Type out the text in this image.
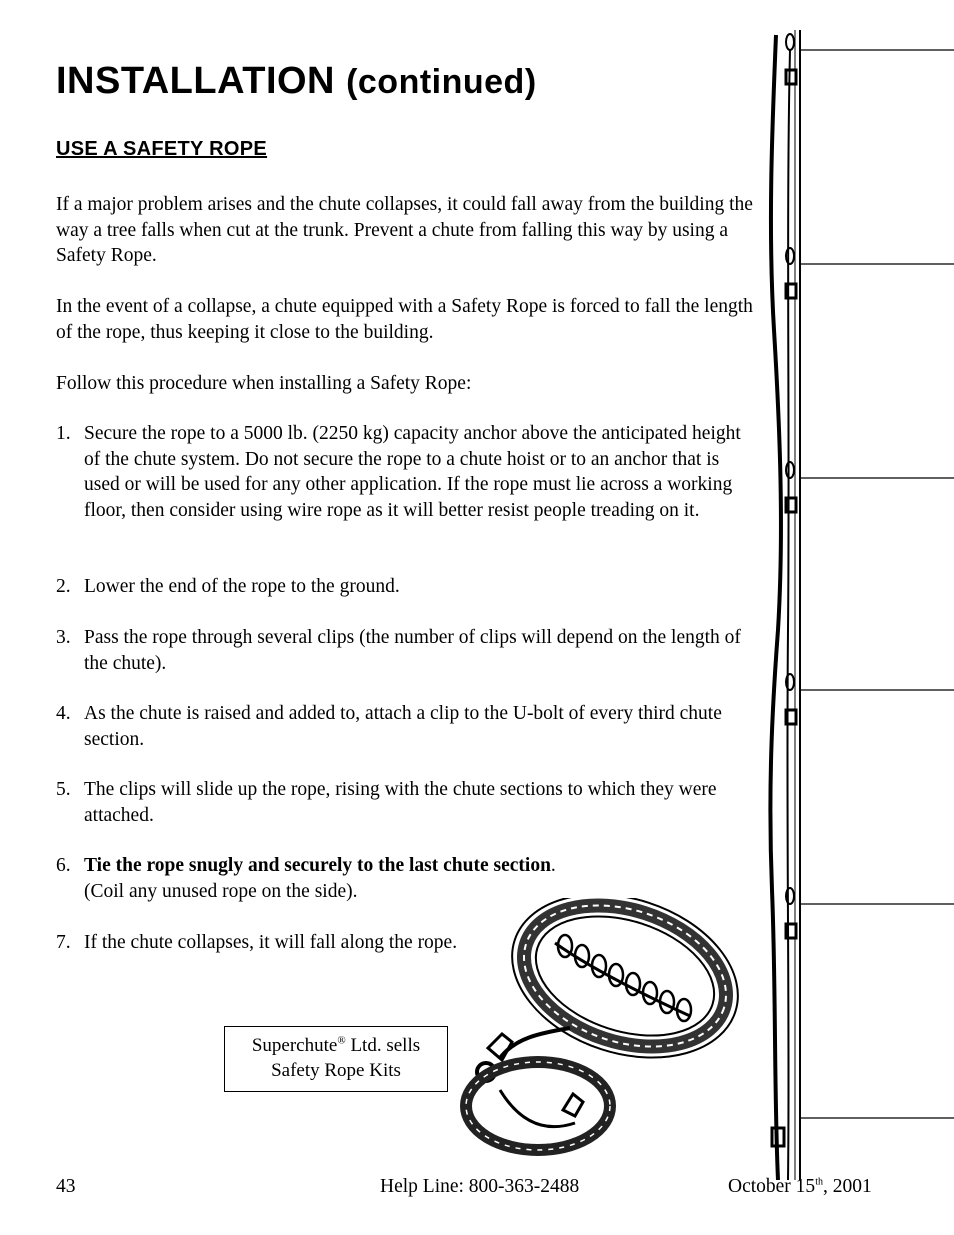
INSTALLATION (continued)
USE A SAFETY ROPE

If a major problem arises and the chute collapses, it could fall away from the building the way a tree falls when cut at the trunk. Prevent a chute from falling this way by using a Safety Rope.

In the event of a collapse, a chute equipped with a Safety Rope is forced to fall the length of the rope, thus keeping it close to the building.

Follow this procedure when installing a Safety Rope:

1. Secure the rope to a 5000 lb. (2250 kg) capacity anchor above the anticipated height of the chute system. Do not secure the rope to a chute hoist or to an anchor that is used or will be used for any other application. If the rope must lie across a working floor, then consider using wire rope as it will better resist people treading on it.
2. Lower the end of the rope to the ground.
3. Pass the rope through several clips (the number of clips will depend on the length of the chute).
4. As the chute is raised and added to, attach a clip to the U-bolt of every third chute section.
5. The clips will slide up the rope, rising with the chute sections to which they were attached.
6. Tie the rope snugly and securely to the last chute section.
(Coil any unused rope on the side).
7. If the chute collapses, it will fall along the rope.
Superchute® Ltd. sells
Safety Rope Kits
43	Help Line: 800-363-2488	October 15th, 2001
